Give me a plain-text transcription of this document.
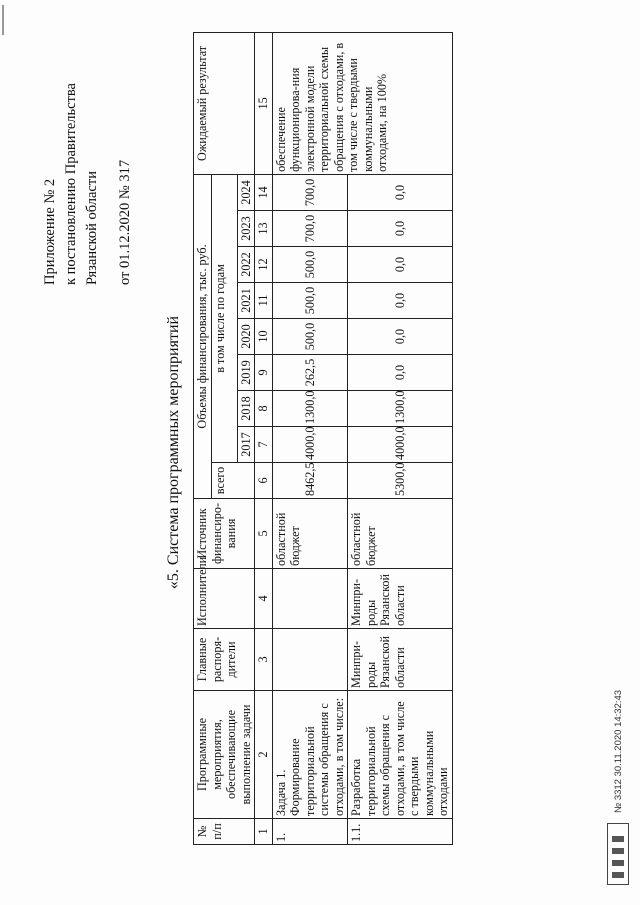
Приложение № 2 к постановлению Правительства Рязанской области от 01.12.2020 № 317
«5. Система программных мероприятий
№ п/п	Программные мероприятия, обеспечивающие выполнение задачи	Главные распоря-дители	Исполнители	Источник финансиро-вания	Объемы финансирования, тыс. руб.									Ожидаемый результат
					всего	в том числе по годам								
						2017	2018	2019	2020	2021	2022	2023	2024	
1	2	3	4	5	6	7	8	9	10	11	12	13	14	15
1.	Задача 1. Формирование территориальной системы обращения с отходами, в том числе:			областной бюджет	8462,5	4000,0	1300,0	262,5	500,0	500,0	500,0	700,0	700,0	обеспечение функционирова-ния электронной модели территориальной схемы обращения с отходами, в том числе с твердыми коммунальными отходами, на 100%
1.1.	Разработка территориальной схемы обращения с отходами, в том числе с твердыми коммунальными отходами	Минпри-роды Рязанской области	Минпри-роды Рязанской области	областной бюджет	5300,0	4000,0	1300,0	0,0	0,0	0,0	0,0	0,0	0,0	
№ 3312 30.11.2020 14:32:43
